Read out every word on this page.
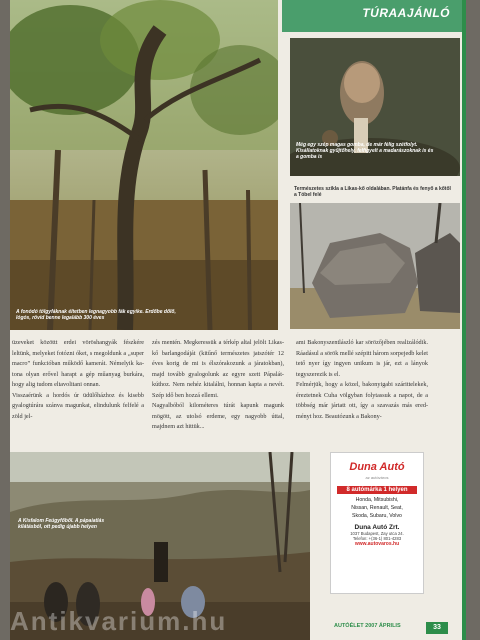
A fonódó tölgyfáknak éltetben legnagyobb fák egyike. Erdőbe dőlő, lógós, rövid benne legalább 300 éves
TÚRAAJÁNLÓ
Még egy szép magas gomba, de már félig szétfolyt. Kisállatoknak gyűjtőhely, felfigyelt a madarászoknak is és a gomba is
Természetes szikla a Likas-kő oldalában. Platánfa és fenyő a kőtől a Tóbel felé

üzeveket közöttt erdei vöröshangyák fészkére leltünk, melyeket fotózni óket, s megoldunk a „super macro” funkcióban működő kamerát. Némelyik katona olyan erővel harapt a gép műanyag burkára, hogy alig tudom eltavolitani onnan.

Visszaérünk a hordós úr üdülőházhoz és kisebb gyalogtúrára szánva magunkat, elindulunk felfelé a zöld jel-

zés mentén. Megkeressük a térkép altal jelölt Likas-kő barlangodáját (kitűnő természetes jatszótér 12 éves korig de mi is élszórakozunk a járatokban), majd tovább gyalogolunk az egyre szett Pápalát-kúthoz. Nem nehéz kitalálni, honnan kapta a nevét. Szép idő ben hozzá ellemi.

Nagyalbóból kilométeres túrát kapunk magunk mögött, az utolsó erdeme, egy nagyobb úttal, majdnem azt hittük...

ami Bakonyszentlászló kar sörözőjében realizálódik. Ráadásul a sörök mellé szépitt három sorpejedb kelet tető nyer így ingyen unikum is jár, ezt a lányok tegyszerezik is el.

Felmérjük, hogy a közel, bakonyigabi szárittelekek, éreztetnek Cuha völgyban folytassuk a napot, de a többség már jártatt ott, így a szavazás más eredményt hoz. Beautózunk a Bakony-

A Kisfalom Feúgyfőből. A pápaiatlás kilátásból, ott pedig újabb helyen
Duna Autó
az autóváros
8 autómárka 1 helyen
Honda, Mitsubishi,
Nissan, Renault, Seat,
Skoda, Subaru, Volvo
Duna Autó Zrt.
1037 Budapest, Zay utca 24.
Telefon: +(36-1) 801-4283
www.autovaros.hu
AUTÓÉLET 2007 ÁPRILIS	33
Antikvarium.hu
